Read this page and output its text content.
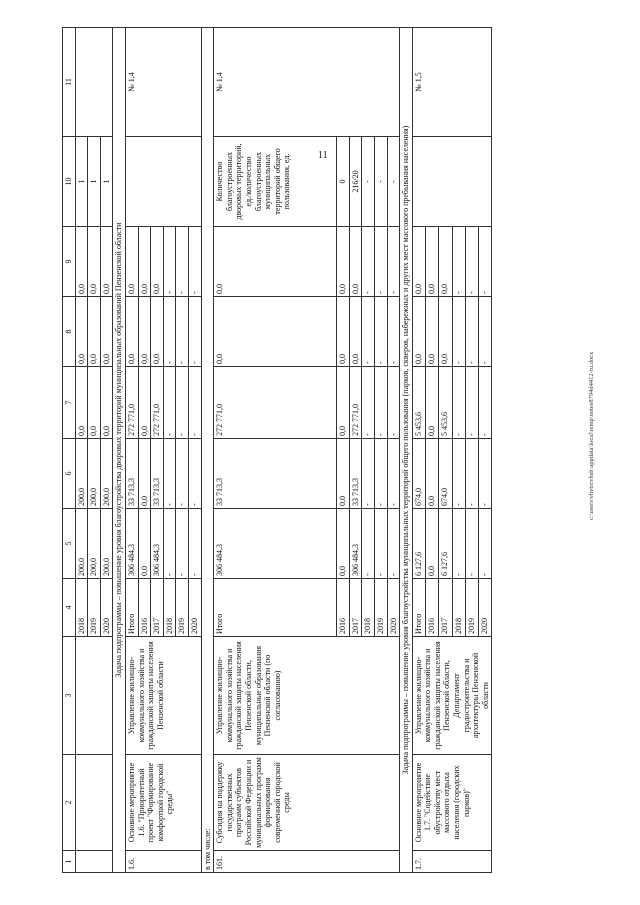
11
1	2	3	4	5	6	7	8	9	10	11
			2018	200,0	200,0	0,0	0,0	0,0	1	
			2019	200,0	200,0	0,0	0,0	0,0	1	
			2020	200,0	200,0	0,0	0,0	0,0	1	
Задача подпрограммы – повышение уровня благоустройства дворовых территорий муниципальных образований Пензенской области										
1.6.	Основное мероприятие 1.6. "Приоритетный проект "Формирование комфортной городской среды"	Управление жилищно-коммунального хозяйства и гражданской защиты населения Пензенской области	Итого	306 484,3	33 713,3	272 771,0	0,0	0,0		№ 1,4
			2016	0,0	0,0	0,0	0,0	0,0		
			2017	306 484,3	33 713,3	272 771,0	0,0	0,0		
			2018	-	-	-	-	-		
			2019	-	-	-	-	-		
			2020	-	-	-	-	-		
в том числе:										
161.	Субсидия на поддержку государственных программ субъектов Российской Федерации и муниципальных программ формирования современной городской среды	Управление жилищно-коммунального хозяйства и гражданской защиты населения Пензенской области, муниципальные образования Пензенской области (по согласованию)	Итого	306 484,3	33 713,3	272 771,0	0,0	0,0	Количество благоустроенных дворовых территорий, ед./количество благоустроенных муниципальных территорий общего пользования, ед.	№ 1,4
			2016	0,0	0,0	0,0	0,0	0,0	0	
			2017	306 484,3	33 713,3	272 771,0	0,0	0,0	216/20	
			2018	-	-	-	-	-	-	
			2019	-	-	-	-	-	-	
			2020	-	-	-	-	-	-	
Задача подпрограммы – повышение уровня благоустройства муниципальных территорий общего пользования (парков, скверов, набережных и других мест массового пребывания населения)										
1.7.	Основное мероприятие 1.7. "Содействие обустройству мест массового отдыха населения (городских парков)"	Управление жилищно-коммунального хозяйства и гражданской защиты населения Пензенской области, Департамент градостроительства и архитектуры Пензенской области	Итого	6 127,6	674,0	5 453,6	0,0	0,0		№ 1,5
			2016	0,0	0,0	0,0	0,0	0,0		
			2017	6 127,6	674,0	5 453,6	0,0	0,0		
			2018	-	-	-	-	-		
			2019	-	-	-	-	-		
			2020	-	-	-	-	-		
c:\users\vhvtrcvhsh\appdata\local\temp\notes8794d4412-ru.docx
